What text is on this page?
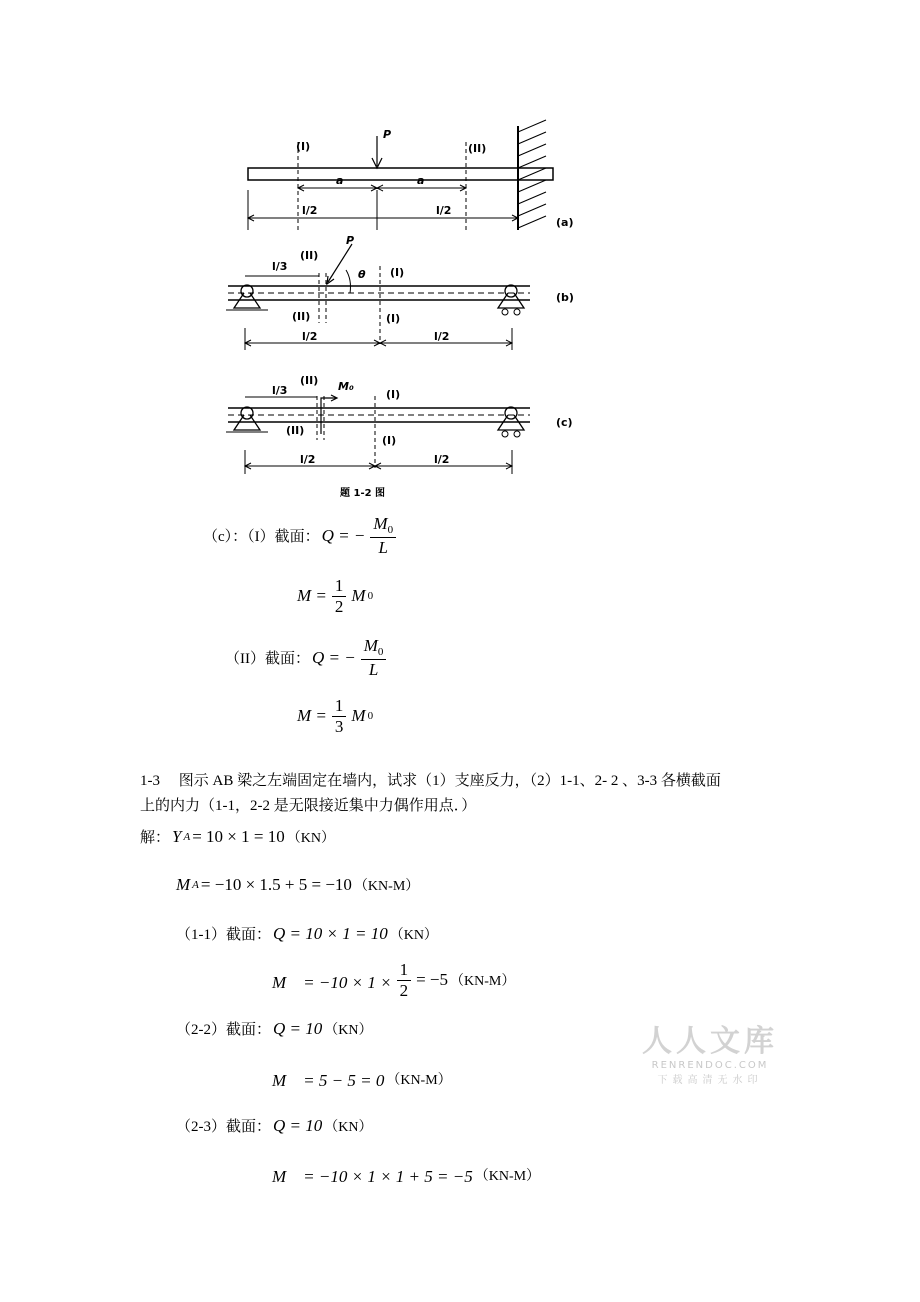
(I)
P
(II)
a	a
l/2	l/2
(a)
l/3
(II)
P
θ (I)
(II)	(I)
l/2	l/2
(b)
l/3
(II) M₀
(I)
(II)
(I)
l/2	l/2
(c)
题 1-2 图
（c）：（I）截面： Q = − $\frac{M_0}{L}$
$M = \frac{1}{2}$ M 0
（II）截面： Q = − $\frac{M_0}{L}$
$M = \frac{1}{3}$ M 0
1-3　 图示 AB 梁之左端固定在墙内，试求（1）支座反力，（2）1-1、2- 2 、3-3 各横截面
上的内力（1-1，2-2 是无限接近集中力偶作用点．）
解： Y A = 10 × 1 = 10 （KN）
M A = −10 × 1.5 + 5 = −10 （KN-M）
（1-1）截面： Q = 10 × 1 = 10 （KN）
M　= $-10 \times 1 \times \frac{1}{2} = -5$ （KN-M）
（2-2）截面： Q = 10 （KN）
M　= 5 − 5 = 0 （KN-M）
（2-3）截面： Q = 10 （KN）
M　= −10 × 1 × 1 + 5 = −5 （KN-M）
人人文库
RENRENDOC.COM
下载高清无水印
